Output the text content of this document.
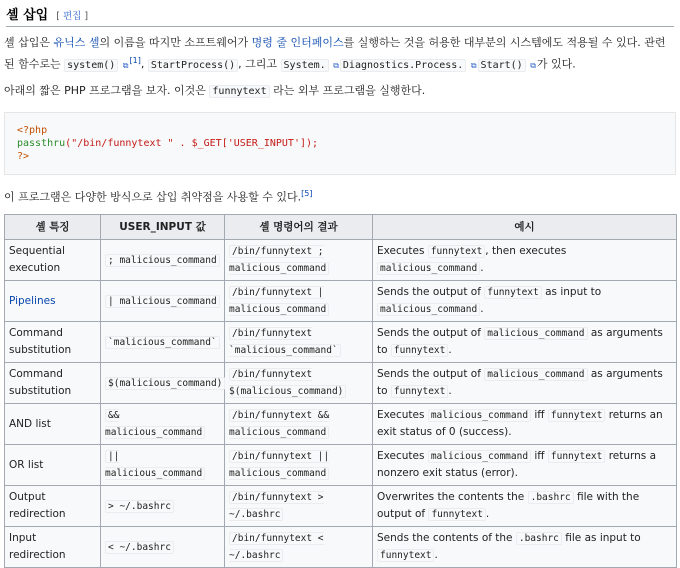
셸 삽입 [ 편집 ]

셸 삽입은 유닉스 셸의 이름을 따지만 소프트웨어가 명령 줄 인터페이스를 실행하는 것을 허용한 대부분의 시스템에도 적용될 수 있다. 관련된 함수로는 system() ⧉[1], StartProcess() , 그리고 System. ⧉ Diagnostics.Process. ⧉ Start() ⧉가 있다.

아래의 짧은 PHP 프로그램을 보자. 이것은 funnytext 라는 외부 프로그램을 실행한다.

<?php
passthru("/bin/funnytext " . $_GET['USER_INPUT']);
?>

이 프로그램은 다양한 방식으로 삽입 취약점을 사용할 수 있다.[5]

셸 특징	USER_INPUT 값	셸 명령어의 결과	예시
Sequential execution	; malicious_command	/bin/funnytext ; malicious_command	Executes funnytext , then executes malicious_command .
Pipelines	| malicious_command	/bin/funnytext | malicious_command	Sends the output of funnytext as input to malicious_command .
Command substitution	`malicious_command`	/bin/funnytext `malicious_command`	Sends the output of malicious_command as arguments to funnytext .
Command substitution	$(malicious_command)	/bin/funnytext $(malicious_command)	Sends the output of malicious_command as arguments to funnytext .
AND list	&& malicious_command	/bin/funnytext && malicious_command	Executes malicious_command iff funnytext returns an exit status of 0 (success).
OR list	|| malicious_command	/bin/funnytext || malicious_command	Executes malicious_command iff funnytext returns a nonzero exit status (error).
Output redirection	> ~/.bashrc	/bin/funnytext > ~/.bashrc	Overwrites the contents the .bashrc file with the output of funnytext .
Input redirection	< ~/.bashrc	/bin/funnytext < ~/.bashrc	Sends the contents of the .bashrc file as input to funnytext .
